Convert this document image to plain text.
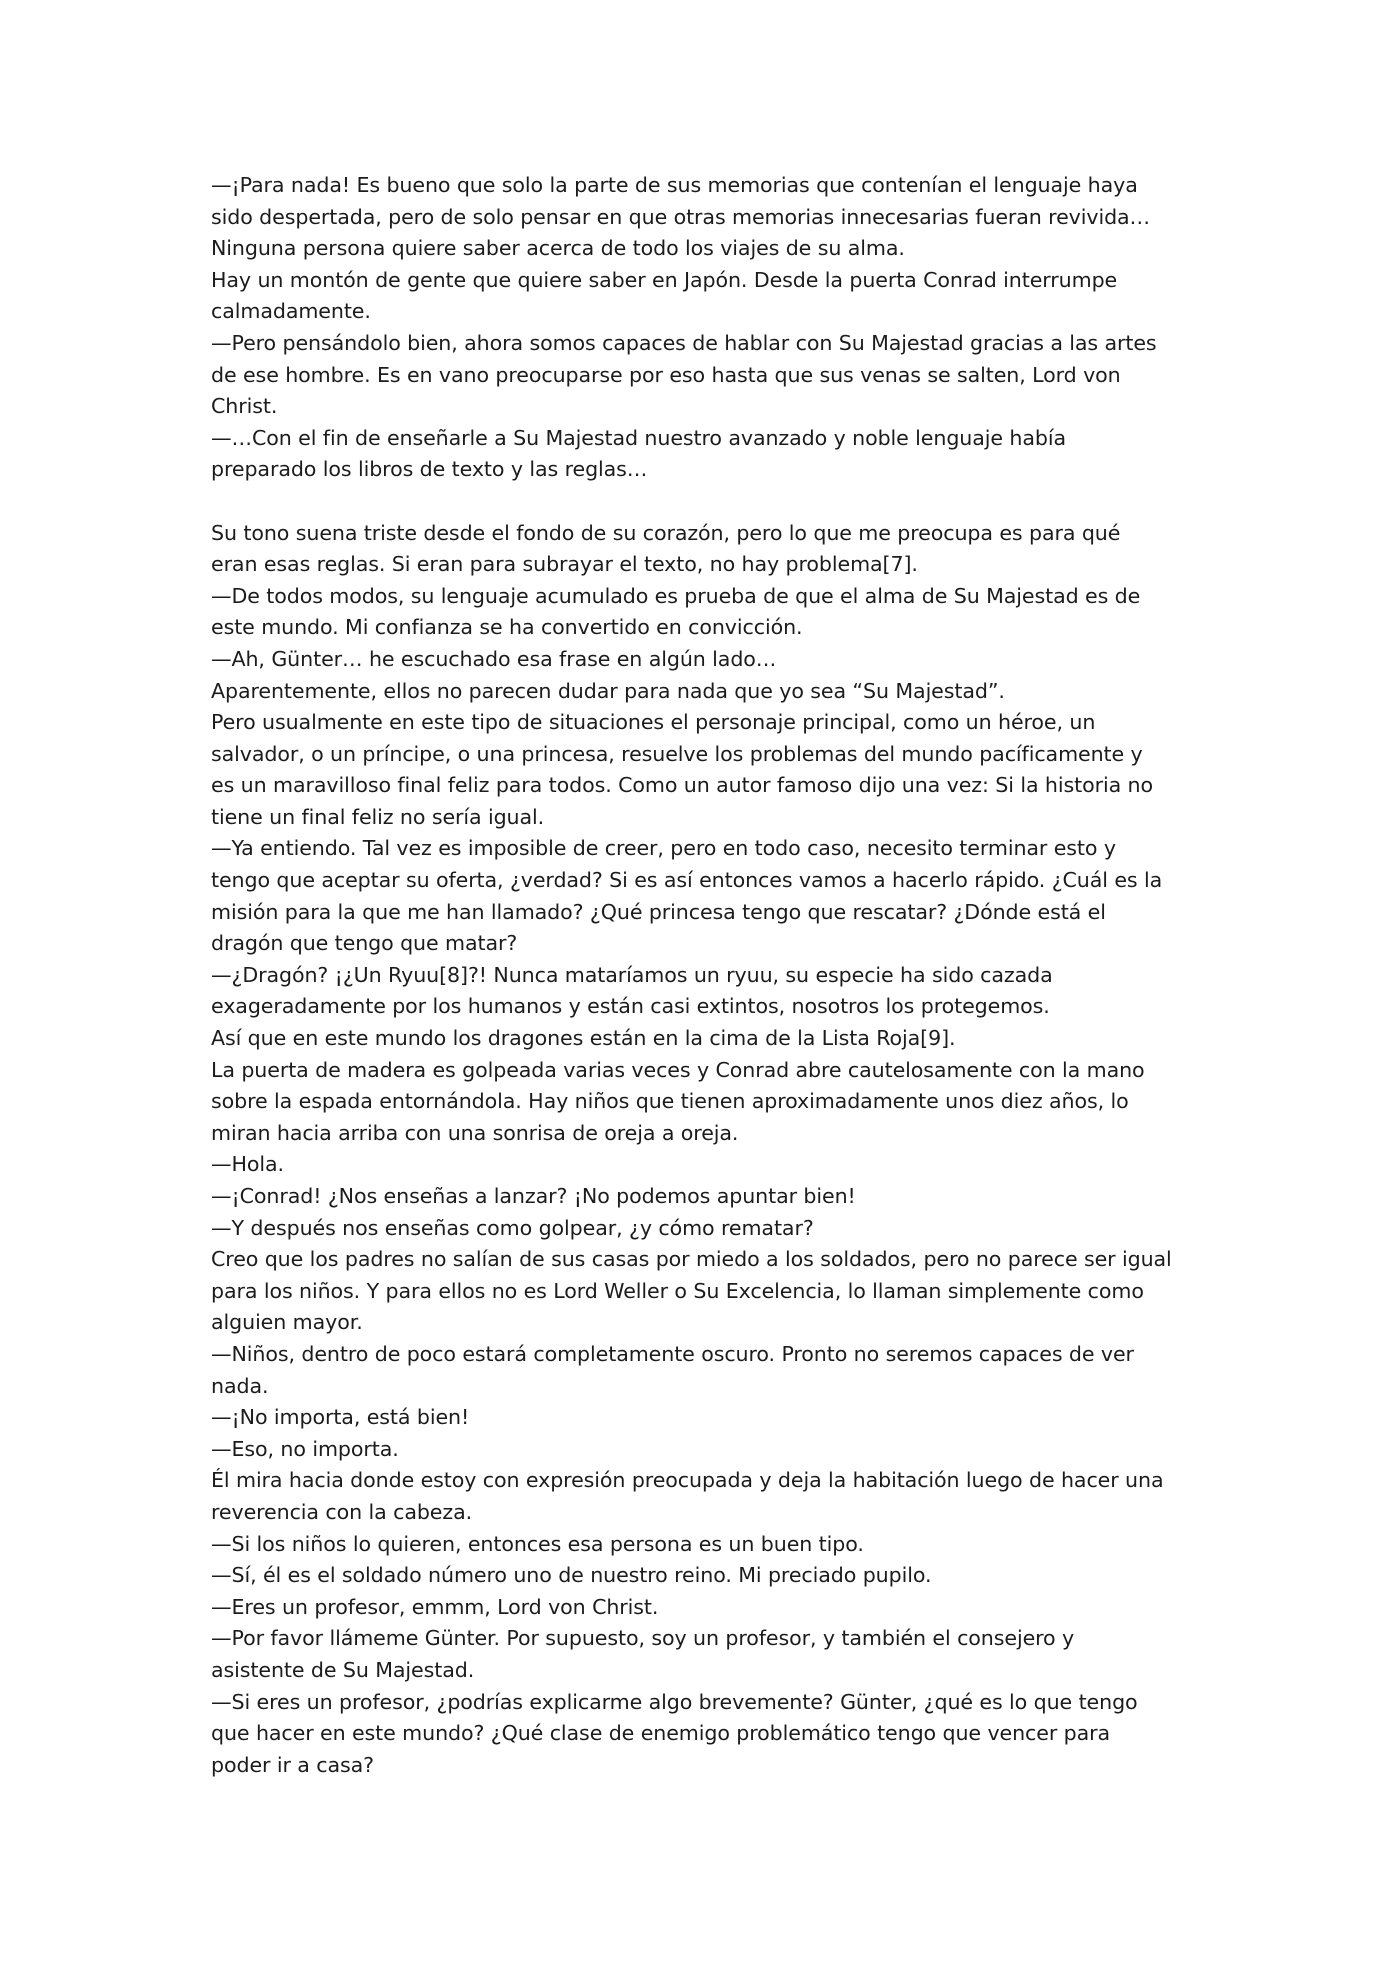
—¡Para nada! Es bueno que solo la parte de sus memorias que contenían el lenguaje haya
sido despertada, pero de solo pensar en que otras memorias innecesarias fueran revivida…
Ninguna persona quiere saber acerca de todo los viajes de su alma.
Hay un montón de gente que quiere saber en Japón. Desde la puerta Conrad interrumpe
calmadamente.
—Pero pensándolo bien, ahora somos capaces de hablar con Su Majestad gracias a las artes
de ese hombre. Es en vano preocuparse por eso hasta que sus venas se salten, Lord von
Christ.
—…Con el fin de enseñarle a Su Majestad nuestro avanzado y noble lenguaje había
preparado los libros de texto y las reglas…
Su tono suena triste desde el fondo de su corazón, pero lo que me preocupa es para qué
eran esas reglas. Si eran para subrayar el texto, no hay problema[7].
—De todos modos, su lenguaje acumulado es prueba de que el alma de Su Majestad es de
este mundo. Mi confianza se ha convertido en convicción.
—Ah, Günter… he escuchado esa frase en algún lado…
Aparentemente, ellos no parecen dudar para nada que yo sea “Su Majestad”.
Pero usualmente en este tipo de situaciones el personaje principal, como un héroe, un
salvador, o un príncipe, o una princesa, resuelve los problemas del mundo pacíficamente y
es un maravilloso final feliz para todos. Como un autor famoso dijo una vez: Si la historia no
tiene un final feliz no sería igual.
—Ya entiendo. Tal vez es imposible de creer, pero en todo caso, necesito terminar esto y
tengo que aceptar su oferta, ¿verdad? Si es así entonces vamos a hacerlo rápido. ¿Cuál es la
misión para la que me han llamado? ¿Qué princesa tengo que rescatar? ¿Dónde está el
dragón que tengo que matar?
—¿Dragón? ¡¿Un Ryuu[8]?! Nunca mataríamos un ryuu, su especie ha sido cazada
exageradamente por los humanos y están casi extintos, nosotros los protegemos.
Así que en este mundo los dragones están en la cima de la Lista Roja[9].
La puerta de madera es golpeada varias veces y Conrad abre cautelosamente con la mano
sobre la espada entornándola. Hay niños que tienen aproximadamente unos diez años, lo
miran hacia arriba con una sonrisa de oreja a oreja.
—Hola.
—¡Conrad! ¿Nos enseñas a lanzar? ¡No podemos apuntar bien!
—Y después nos enseñas como golpear, ¿y cómo rematar?
Creo que los padres no salían de sus casas por miedo a los soldados, pero no parece ser igual
para los niños. Y para ellos no es Lord Weller o Su Excelencia, lo llaman simplemente como
alguien mayor.
—Niños, dentro de poco estará completamente oscuro. Pronto no seremos capaces de ver
nada.
—¡No importa, está bien!
—Eso, no importa.
Él mira hacia donde estoy con expresión preocupada y deja la habitación luego de hacer una
reverencia con la cabeza.
—Si los niños lo quieren, entonces esa persona es un buen tipo.
—Sí, él es el soldado número uno de nuestro reino. Mi preciado pupilo.
—Eres un profesor, emmm, Lord von Christ.
—Por favor llámeme Günter. Por supuesto, soy un profesor, y también el consejero y
asistente de Su Majestad.
—Si eres un profesor, ¿podrías explicarme algo brevemente? Günter, ¿qué es lo que tengo
que hacer en este mundo? ¿Qué clase de enemigo problemático tengo que vencer para
poder ir a casa?
